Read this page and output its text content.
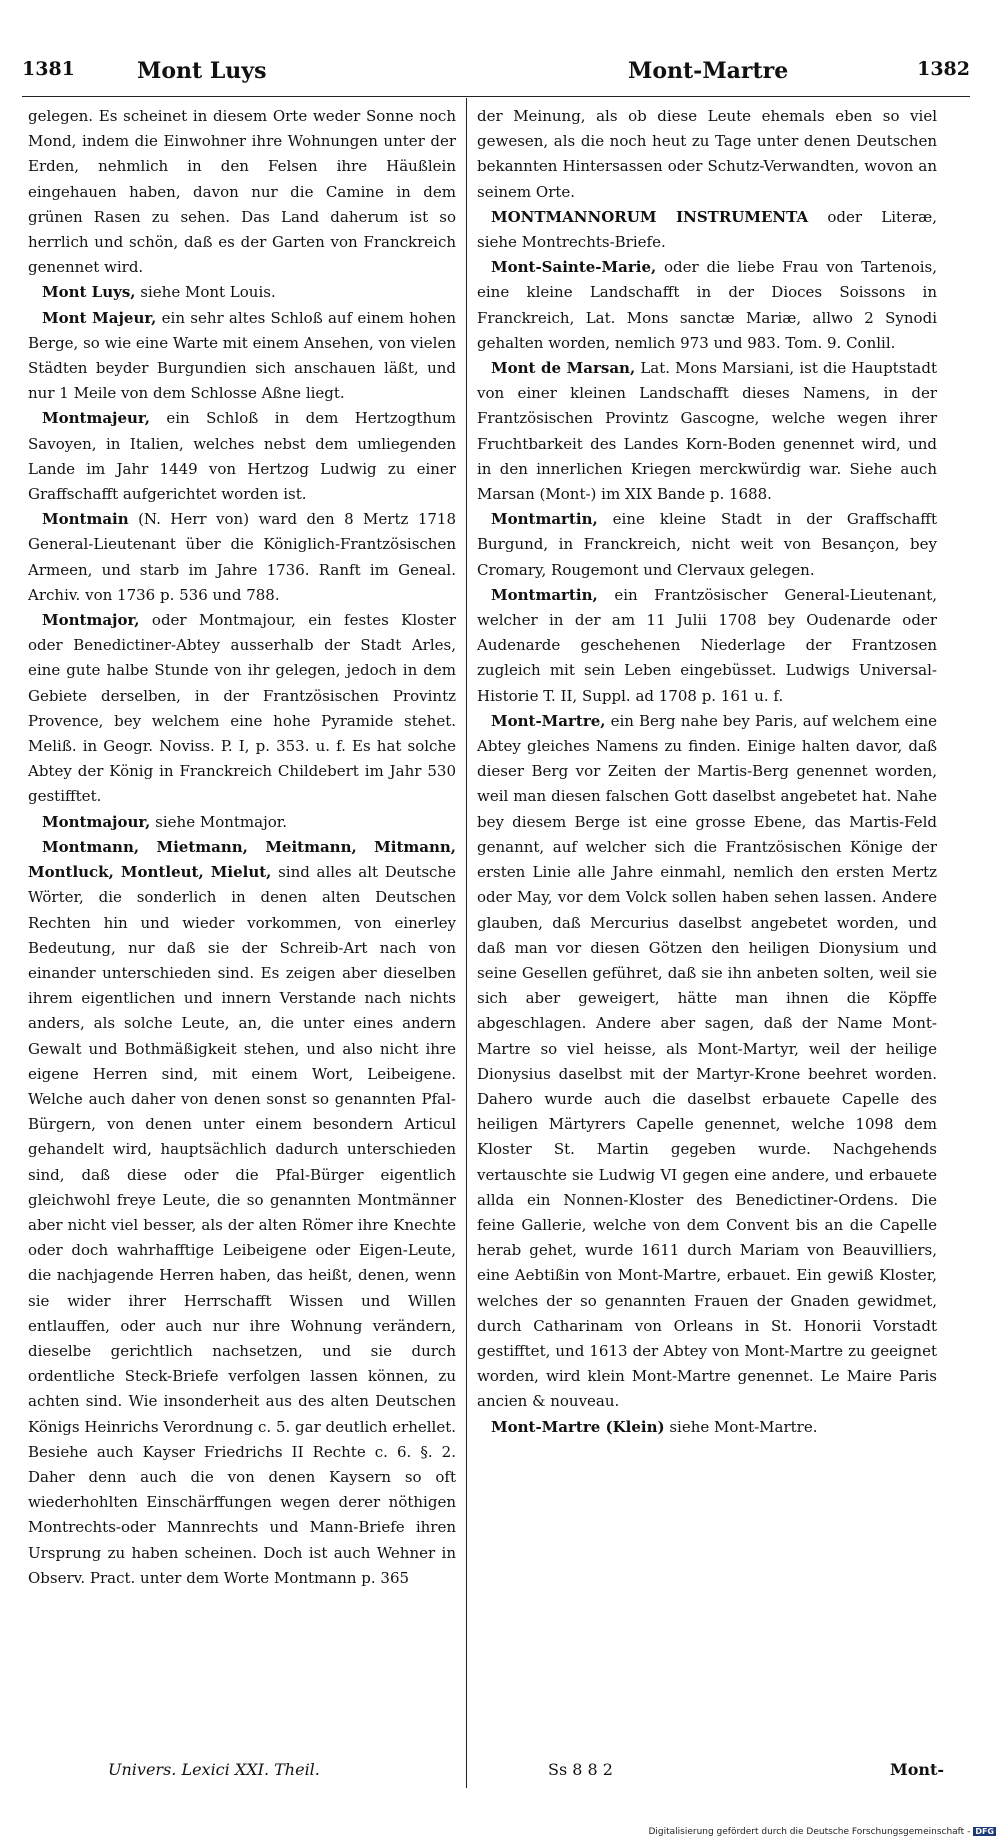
1381	Mont Luys	Mont-Martre	1382

gelegen. Es scheinet in diesem Orte weder Sonne noch Mond, indem die Einwohner ihre Wohnungen unter der Erden, nehmlich in den Felsen ihre Häußlein eingehauen haben, davon nur die Camine in dem grünen Rasen zu sehen. Das Land daherum ist so herrlich und schön, daß es der Garten von Franckreich genennet wird.

Mont Luys, siehe Mont Louis.

Mont Majeur, ein sehr altes Schloß auf einem hohen Berge, so wie eine Warte mit einem Ansehen, von vielen Städten beyder Burgundien sich anschauen läßt, und nur 1 Meile von dem Schlosse Aßne liegt.

Montmajeur, ein Schloß in dem Hertzogthum Savoyen, in Italien, welches nebst dem umliegenden Lande im Jahr 1449 von Hertzog Ludwig zu einer Graffschafft aufgerichtet worden ist.

Montmain (N. Herr von) ward den 8 Mertz 1718 General-Lieutenant über die Königlich-Frantzösischen Armeen, und starb im Jahre 1736. Ranft im Geneal. Archiv. von 1736 p. 536 und 788.

Montmajor, oder Montmajour, ein festes Kloster oder Benedictiner-Abtey ausserhalb der Stadt Arles, eine gute halbe Stunde von ihr gelegen, jedoch in dem Gebiete derselben, in der Frantzösischen Provintz Provence, bey welchem eine hohe Pyramide stehet. Meliß. in Geogr. Noviss. P. I, p. 353. u. f. Es hat solche Abtey der König in Franckreich Childebert im Jahr 530 gestifftet.

Montmajour, siehe Montmajor.

Montmann, Mietmann, Meitmann, Mitmann, Montluck, Montleut, Mielut, sind alles alt Deutsche Wörter, die sonderlich in denen alten Deutschen Rechten hin und wieder vorkommen, von einerley Bedeutung, nur daß sie der Schreib-Art nach von einander unterschieden sind. Es zeigen aber dieselben ihrem eigentlichen und innern Verstande nach nichts anders, als solche Leute, an, die unter eines andern Gewalt und Bothmäßigkeit stehen, und also nicht ihre eigene Herren sind, mit einem Wort, Leibeigene. Welche auch daher von denen sonst so genannten Pfal-Bürgern, von denen unter einem besondern Articul gehandelt wird, hauptsächlich dadurch unterschieden sind, daß diese oder die Pfal-Bürger eigentlich gleichwohl freye Leute, die so genannten Montmänner aber nicht viel besser, als der alten Römer ihre Knechte oder doch wahrhafftige Leibeigene oder Eigen-Leute, die nachjagende Herren haben, das heißt, denen, wenn sie wider ihrer Herrschafft Wissen und Willen entlauffen, oder auch nur ihre Wohnung verändern, dieselbe gerichtlich nachsetzen, und sie durch ordentliche Steck-Briefe verfolgen lassen können, zu achten sind. Wie insonderheit aus des alten Deutschen Königs Heinrichs Verordnung c. 5. gar deutlich erhellet. Besiehe auch Kayser Friedrichs II Rechte c. 6. §. 2. Daher denn auch die von denen Kaysern so oft wiederhohlten Einschärffungen wegen derer nöthigen Montrechts-oder Mannrechts und Mann-Briefe ihren Ursprung zu haben scheinen. Doch ist auch Wehner in Observ. Pract. unter dem Worte Montmann p. 365

der Meinung, als ob diese Leute ehemals eben so viel gewesen, als die noch heut zu Tage unter denen Deutschen bekannten Hintersassen oder Schutz-Verwandten, wovon an seinem Orte.

MONTMANNORUM INSTRUMENTA oder Literæ, siehe Montrechts-Briefe.

Mont-Sainte-Marie, oder die liebe Frau von Tartenois, eine kleine Landschafft in der Dioces Soissons in Franckreich, Lat. Mons sanctæ Mariæ, allwo 2 Synodi gehalten worden, nemlich 973 und 983. Tom. 9. Conlil.

Mont de Marsan, Lat. Mons Marsiani, ist die Hauptstadt von einer kleinen Landschafft dieses Namens, in der Frantzösischen Provintz Gascogne, welche wegen ihrer Fruchtbarkeit des Landes Korn-Boden genennet wird, und in den innerlichen Kriegen merckwürdig war. Siehe auch Marsan (Mont-) im XIX Bande p. 1688.

Montmartin, eine kleine Stadt in der Graffschafft Burgund, in Franckreich, nicht weit von Besançon, bey Cromary, Rougemont und Clervaux gelegen.

Montmartin, ein Frantzösischer General-Lieutenant, welcher in der am 11 Julii 1708 bey Oudenarde oder Audenarde geschehenen Niederlage der Frantzosen zugleich mit sein Leben eingebüsset. Ludwigs Universal-Historie T. II, Suppl. ad 1708 p. 161 u. f.

Mont-Martre, ein Berg nahe bey Paris, auf welchem eine Abtey gleiches Namens zu finden. Einige halten davor, daß dieser Berg vor Zeiten der Martis-Berg genennet worden, weil man diesen falschen Gott daselbst angebetet hat. Nahe bey diesem Berge ist eine grosse Ebene, das Martis-Feld genannt, auf welcher sich die Frantzösischen Könige der ersten Linie alle Jahre einmahl, nemlich den ersten Mertz oder May, vor dem Volck sollen haben sehen lassen. Andere glauben, daß Mercurius daselbst angebetet worden, und daß man vor diesen Götzen den heiligen Dionysium und seine Gesellen geführet, daß sie ihn anbeten solten, weil sie sich aber geweigert, hätte man ihnen die Köpffe abgeschlagen. Andere aber sagen, daß der Name Mont-Martre so viel heisse, als Mont-Martyr, weil der heilige Dionysius daselbst mit der Martyr-Krone beehret worden. Dahero wurde auch die daselbst erbauete Capelle des heiligen Märtyrers Capelle genennet, welche 1098 dem Kloster St. Martin gegeben wurde. Nachgehends vertauschte sie Ludwig VI gegen eine andere, und erbauete allda ein Nonnen-Kloster des Benedictiner-Ordens. Die feine Gallerie, welche von dem Convent bis an die Capelle herab gehet, wurde 1611 durch Mariam von Beauvilliers, eine Aebtißin von Mont-Martre, erbauet. Ein gewiß Kloster, welches der so genannten Frauen der Gnaden gewidmet, durch Catharinam von Orleans in St. Honorii Vorstadt gestifftet, und 1613 der Abtey von Mont-Martre zu geeignet worden, wird klein Mont-Martre genennet. Le Maire Paris ancien & nouveau.

Mont-Martre (Klein) siehe Mont-Martre.

Univers. Lexici XXI. Theil.	Ss 8 8 2	Mont-
Digitalisierung gefördert durch die Deutsche Forschungsgemeinschaft - DFG
